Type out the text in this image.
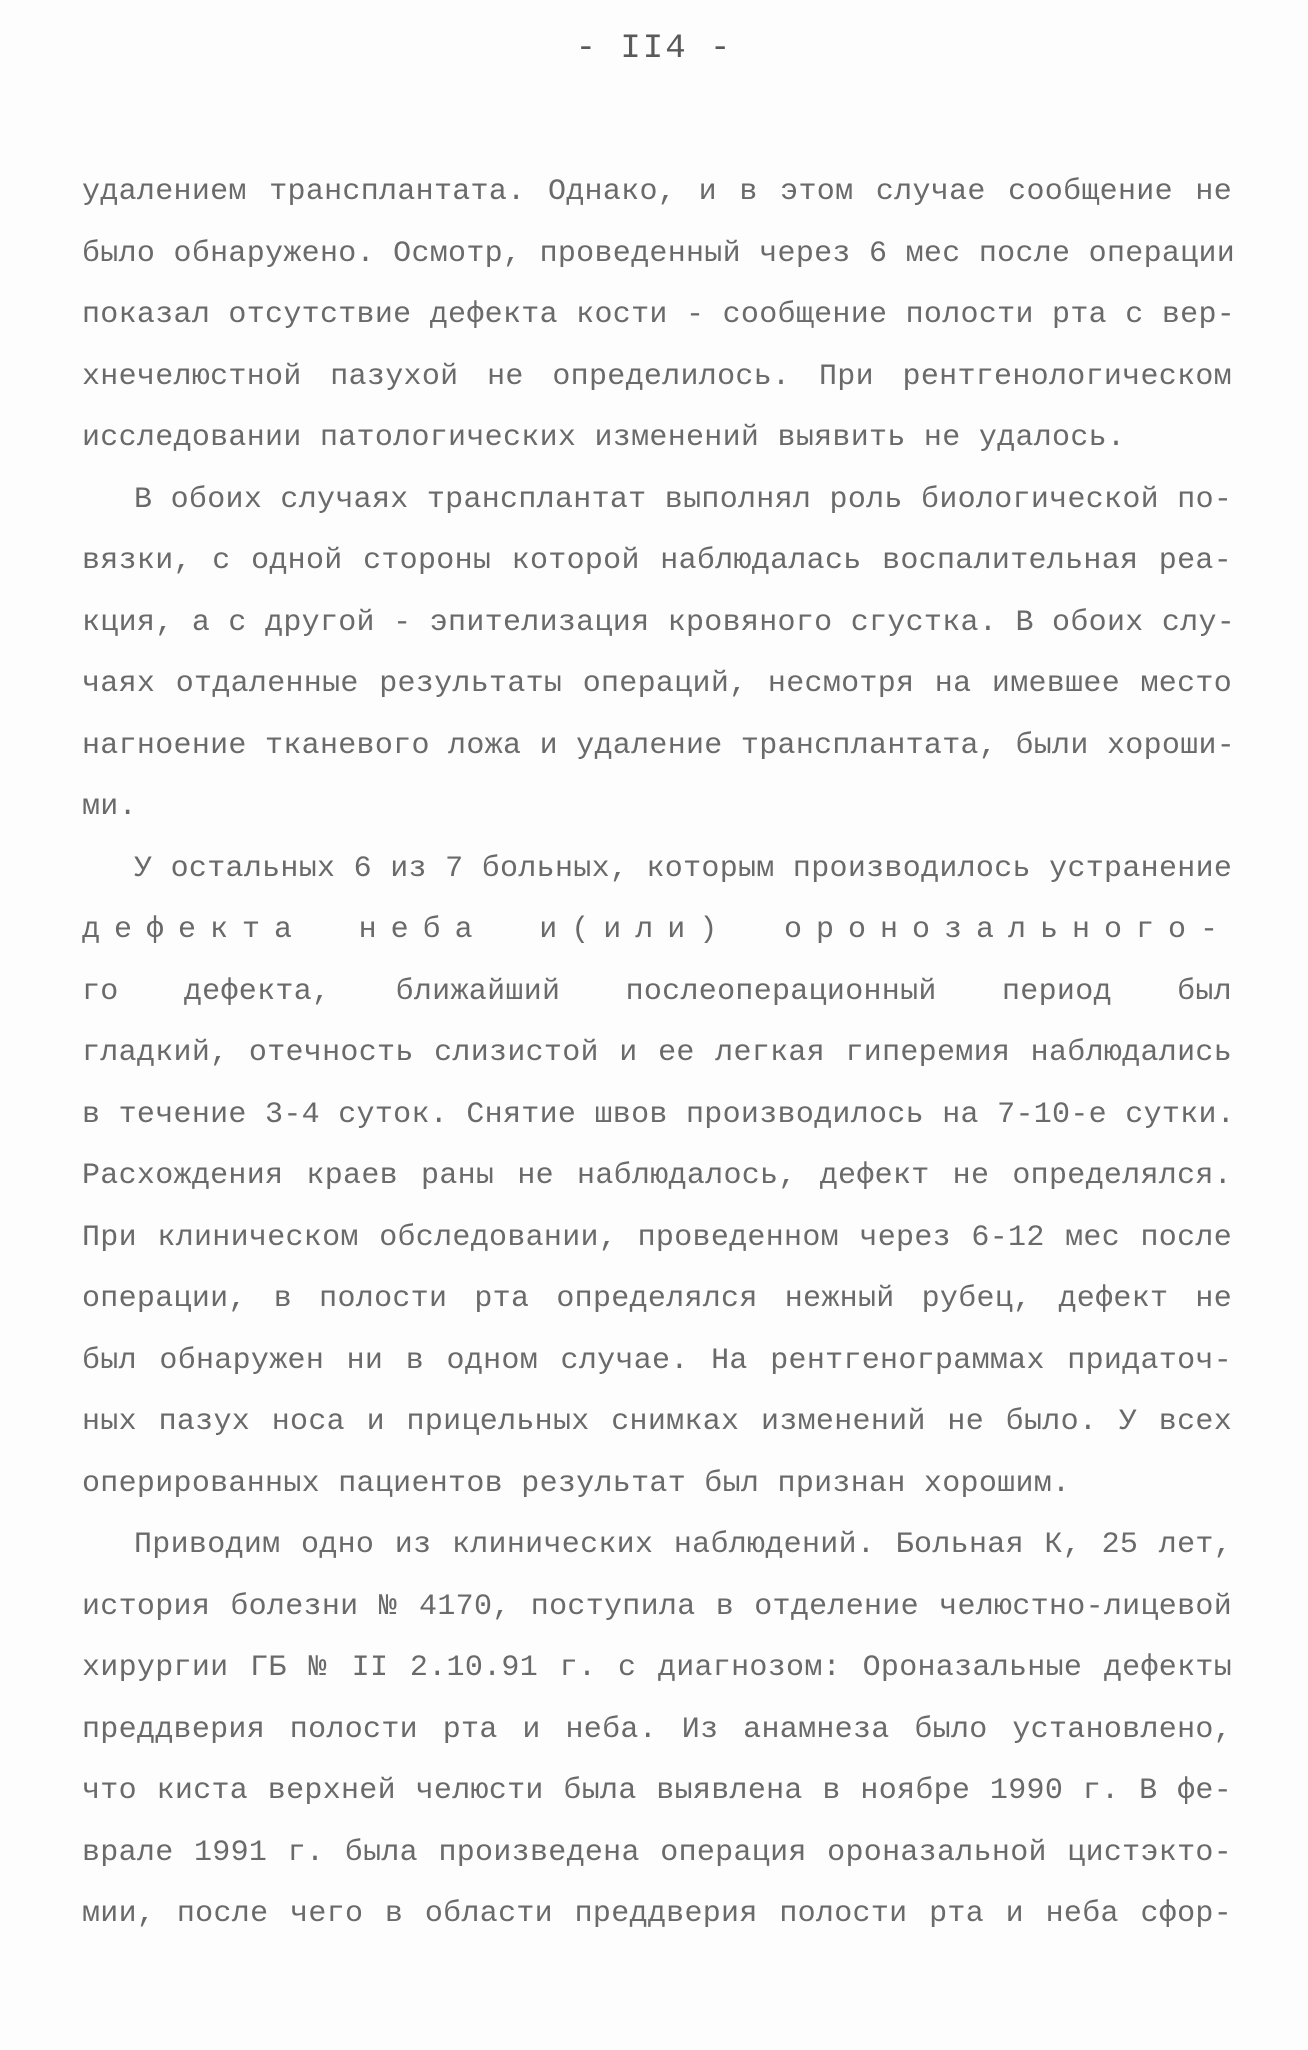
- II4 -
удалением трансплантата. Однако, и в этом случае сообщение не
было обнаружено. Осмотр, проведенный через 6 мес после операции
показал отсутствие дефекта кости - сообщение полости рта с вер-
хнечелюстной пазухой не определилось. При рентгенологическом
исследовании патологических изменений выявить не удалось.
В обоих случаях трансплантат выполнял роль биологической по-
вязки, с одной стороны которой наблюдалась воспалительная реа-
кция, а с другой - эпителизация кровяного сгустка. В обоих слу-
чаях отдаленные результаты операций, несмотря на имевшее место
нагноение тканевого ложа и удаление трансплантата, были хороши-
ми.
У остальных 6 из 7 больных, которым производилось устранение
дефекта неба и(или) оронозального-
го дефекта, ближайший послеоперационный период был
гладкий, отечность слизистой и ее легкая гиперемия наблюдались
в течение 3-4 суток. Снятие швов производилось на 7-10-е сутки.
Расхождения краев раны не наблюдалось, дефект не определялся.
При клиническом обследовании, проведенном через 6-12 мес после
операции, в полости рта определялся нежный рубец, дефект не
был обнаружен ни в одном случае. На рентгенограммах придаточ-
ных пазух носа и прицельных снимках изменений не было. У всех
оперированных пациентов результат был признан хорошим.
Приводим одно из клинических наблюдений. Больная К, 25 лет,
история болезни № 4170, поступила в отделение челюстно-лицевой
хирургии ГБ № II 2.10.91 г. с диагнозом: Ороназальные дефекты
преддверия полости рта и неба. Из анамнеза было установлено,
что киста верхней челюсти была выявлена в ноябре 1990 г. В фе-
врале 1991 г. была произведена операция ороназальной цистэкто-
мии, после чего в области преддверия полости рта и неба сфор-
